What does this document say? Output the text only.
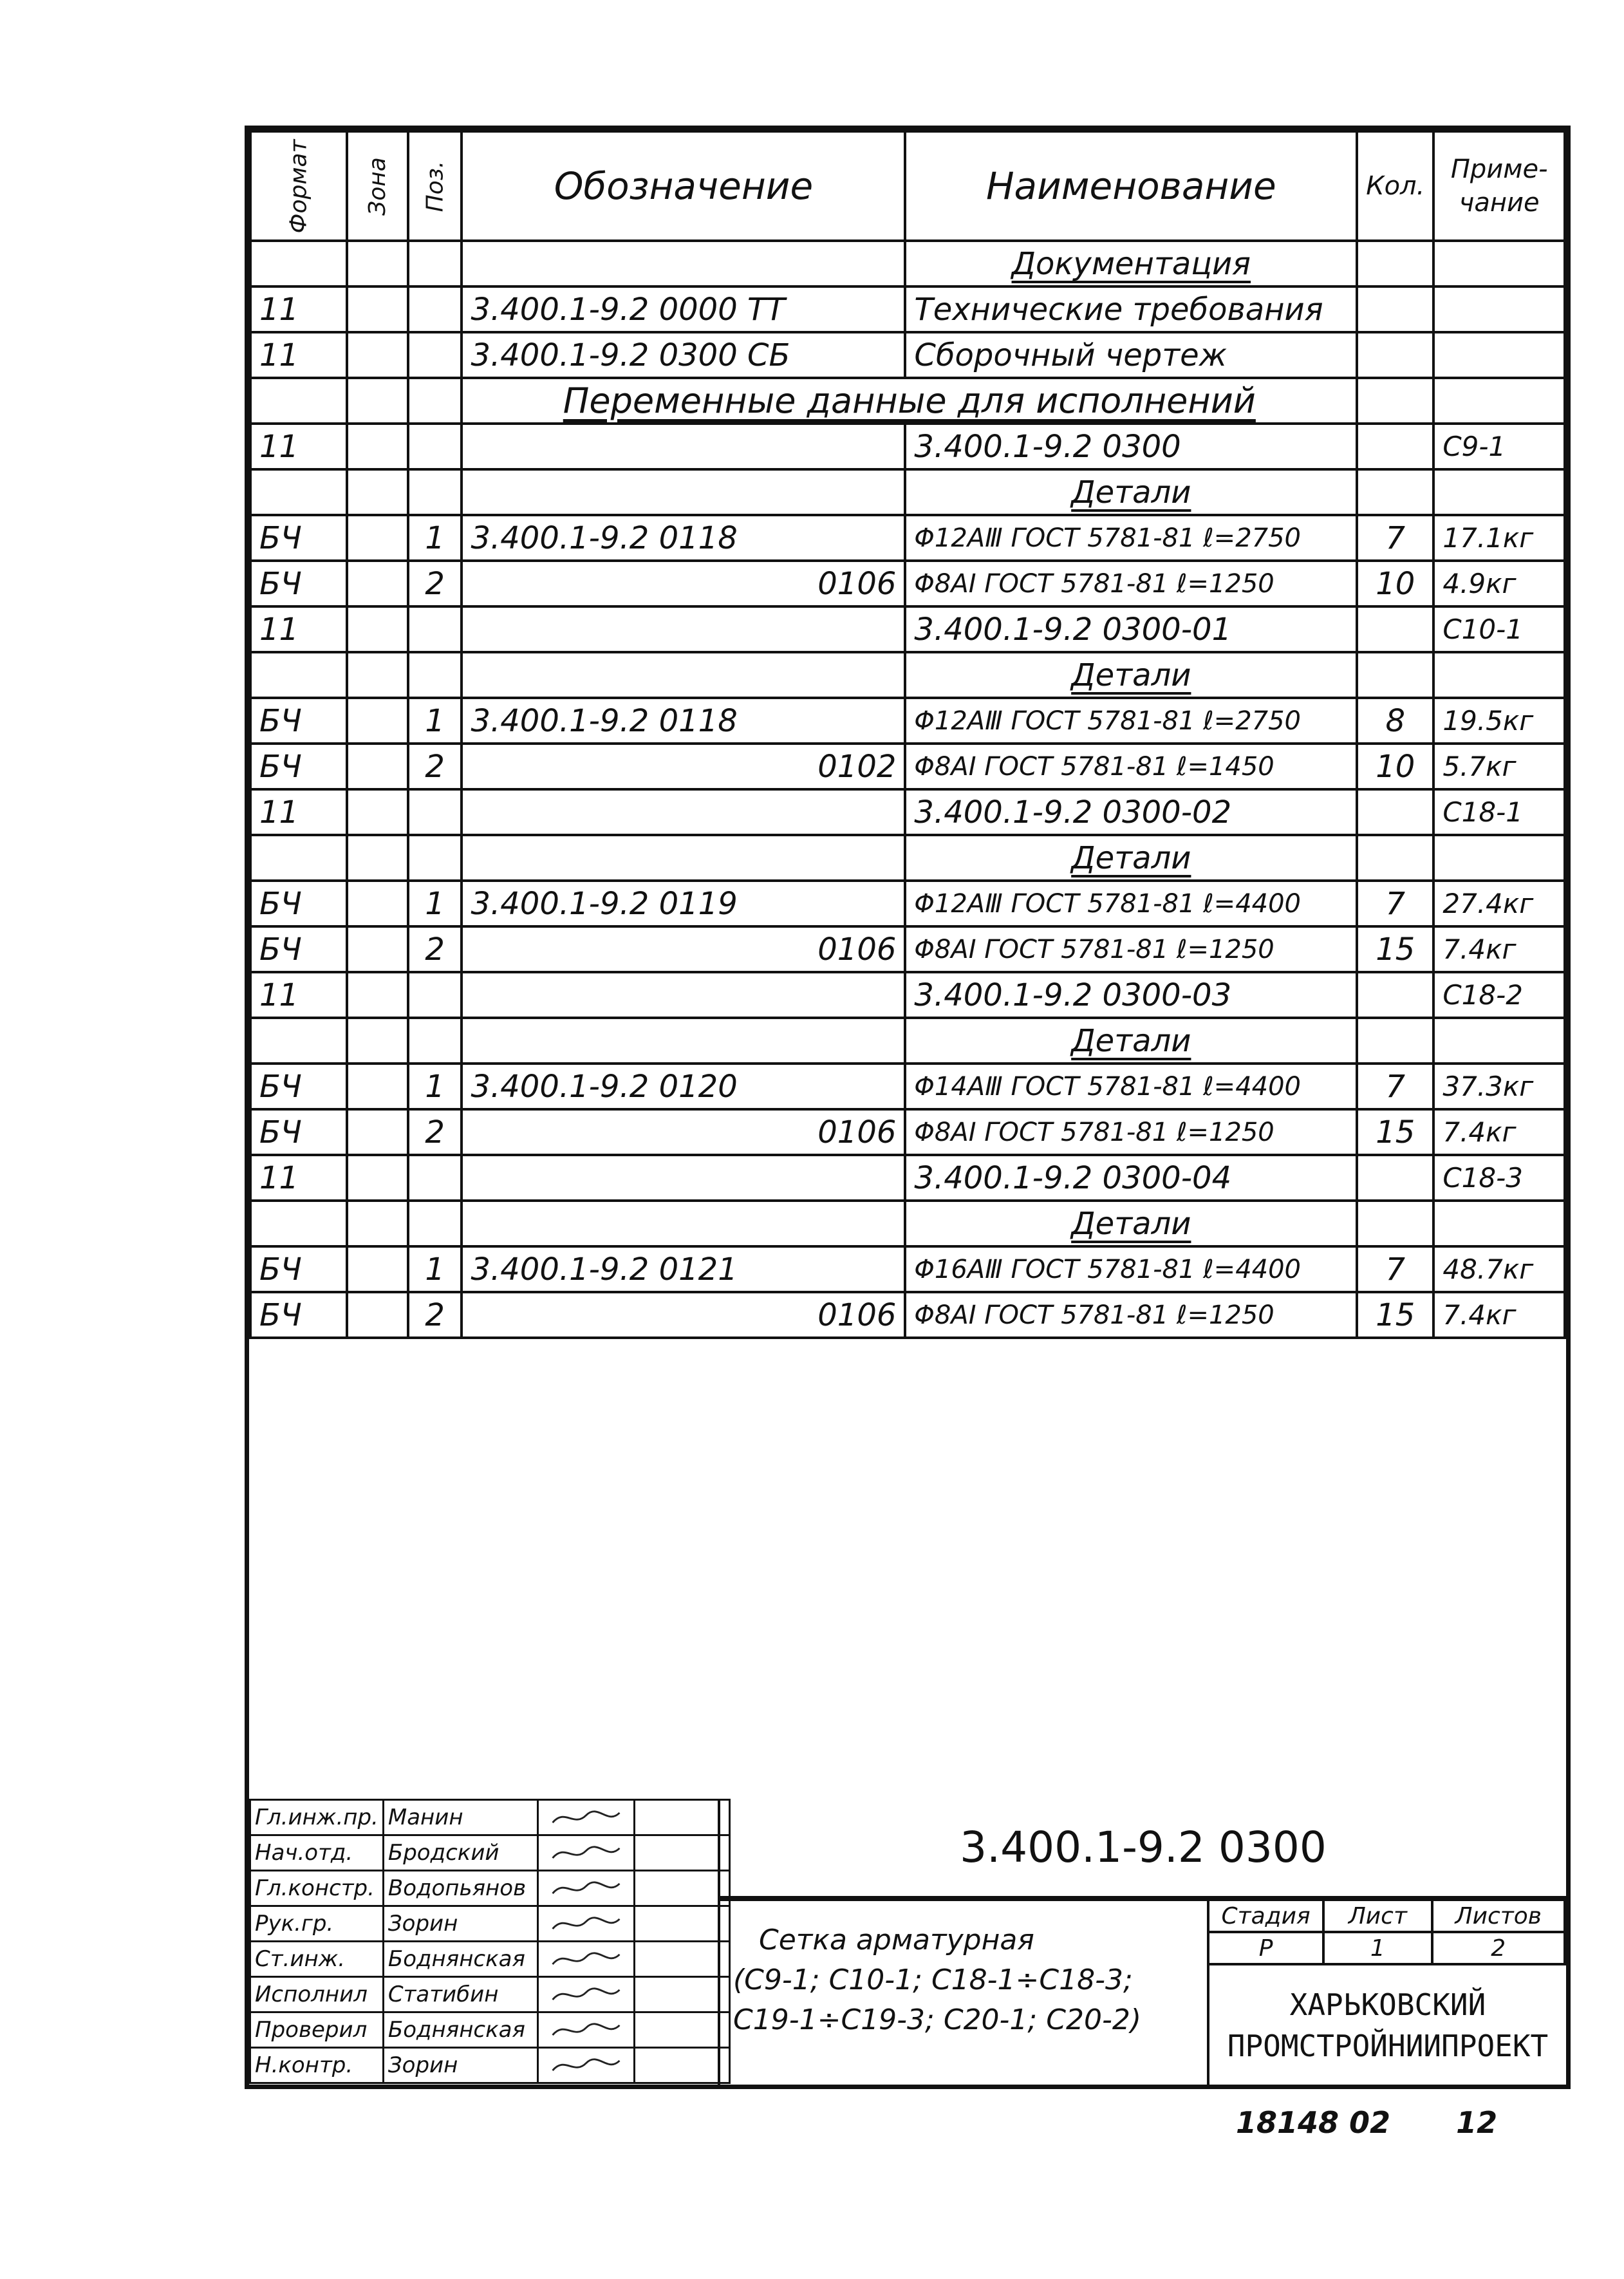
Формат	Зона	Поз.	Обозначение	Наименование	Кол.	Приме-
чание
				Документация		
11			3.400.1-9.2 0000 ТТ	Технические требования		
11			3.400.1-9.2 0300 СБ	Сборочный чертеж		
			Переменные данные для исполнений			
11				3.400.1-9.2 0300		С9-1
				Детали		
БЧ		1	3.400.1-9.2 0118	Φ12АⅢ ГОСТ 5781-81 ℓ=2750	7	17.1кг
БЧ		2	0106	Φ8АⅠ ГОСТ 5781-81 ℓ=1250	10	4.9кг
11				3.400.1-9.2 0300-01		С10-1
				Детали		
БЧ		1	3.400.1-9.2 0118	Φ12АⅢ ГОСТ 5781-81 ℓ=2750	8	19.5кг
БЧ		2	0102	Φ8АⅠ ГОСТ 5781-81 ℓ=1450	10	5.7кг
11				3.400.1-9.2 0300-02		С18-1
				Детали		
БЧ		1	3.400.1-9.2 0119	Φ12АⅢ ГОСТ 5781-81 ℓ=4400	7	27.4кг
БЧ		2	0106	Φ8АⅠ ГОСТ 5781-81 ℓ=1250	15	7.4кг
11				3.400.1-9.2 0300-03		С18-2
				Детали		
БЧ		1	3.400.1-9.2 0120	Φ14АⅢ ГОСТ 5781-81 ℓ=4400	7	37.3кг
БЧ		2	0106	Φ8АⅠ ГОСТ 5781-81 ℓ=1250	15	7.4кг
11				3.400.1-9.2 0300-04		С18-3
				Детали		
БЧ		1	3.400.1-9.2 0121	Φ16АⅢ ГОСТ 5781-81 ℓ=4400	7	48.7кг
БЧ		2	0106	Φ8АⅠ ГОСТ 5781-81 ℓ=1250	15	7.4кг
Гл.инж.пр.	Манин	

Нач.отд.	Бродский	

Гл.констр.	Водопьянов	

Рук.гр.	Зорин	

Ст.инж.	Боднянская	

Исполнил	Статибин	

Проверил	Боднянская	

Н.контр.	Зорин	

3.400.1-9.2 0300
Сетка арматурная
(С9-1; С10-1; С18-1÷С18-3;
С19-1÷С19-3; С20-1; С20-2)
Стадия	Лист	Листов
Р	1	2
ХАРЬКОВСКИЙ
ПРОМСТРОЙНИИПРОЕКТ
18148 02 12
